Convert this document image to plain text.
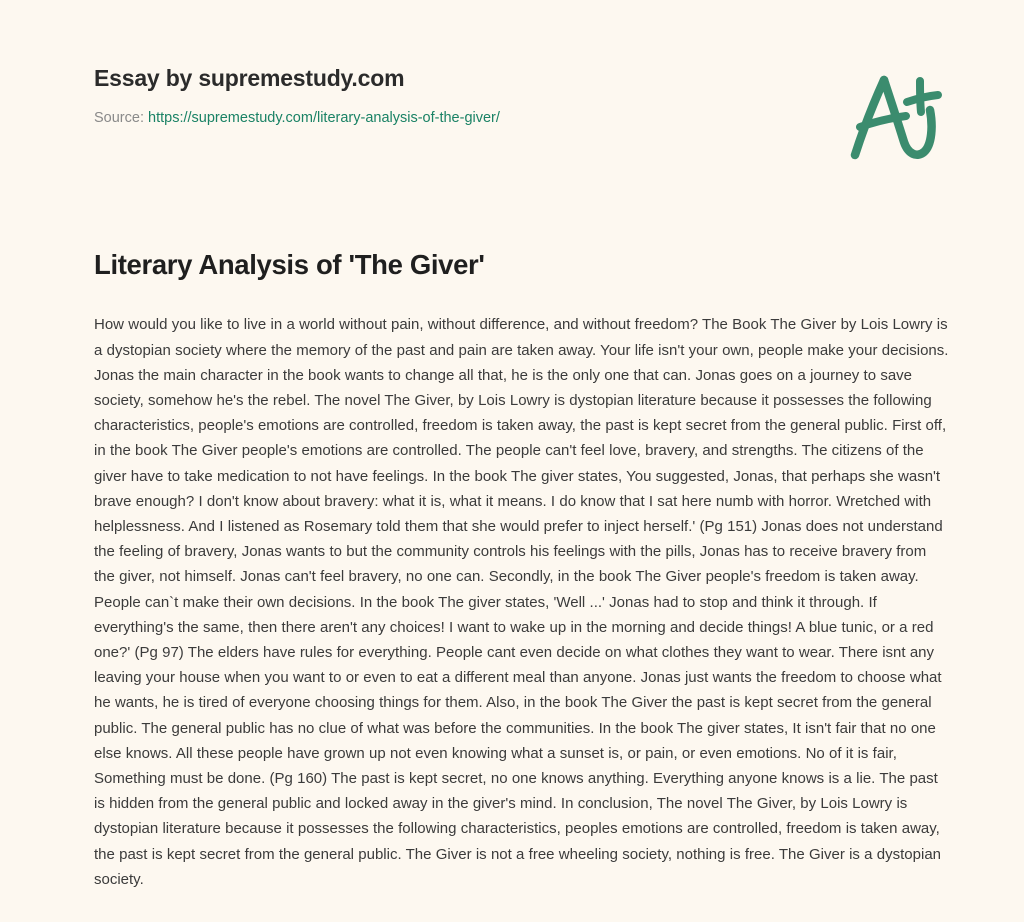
Essay by supremestudy.com
Source: https://supremestudy.com/literary-analysis-of-the-giver/
Literary Analysis of 'The Giver'

How would you like to live in a world without pain, without difference, and without freedom? The Book The Giver by Lois Lowry is a dystopian society where the memory of the past and pain are taken away. Your life isn't your own, people make your decisions. Jonas the main character in the book wants to change all that, he is the only one that can. Jonas goes on a journey to save society, somehow he's the rebel. The novel The Giver, by Lois Lowry is dystopian literature because it possesses the following characteristics, people's emotions are controlled, freedom is taken away, the past is kept secret from the general public. First off, in the book The Giver people's emotions are controlled. The people can't feel love, bravery, and strengths. The citizens of the giver have to take medication to not have feelings. In the book The giver states, You suggested, Jonas, that perhaps she wasn't brave enough? I don't know about bravery: what it is, what it means. I do know that I sat here numb with horror. Wretched with helplessness. And I listened as Rosemary told them that she would prefer to inject herself.' (Pg 151) Jonas does not understand the feeling of bravery, Jonas wants to but the community controls his feelings with the pills, Jonas has to receive bravery from the giver, not himself. Jonas can't feel bravery, no one can. Secondly, in the book The Giver people's freedom is taken away. People can`t make their own decisions. In the book The giver states, 'Well ...' Jonas had to stop and think it through. If everything's the same, then there aren't any choices! I want to wake up in the morning and decide things! A blue tunic, or a red one?' (Pg 97) The elders have rules for everything. People cant even decide on what clothes they want to wear. There isnt any leaving your house when you want to or even to eat a different meal than anyone. Jonas just wants the freedom to choose what he wants, he is tired of everyone choosing things for them. Also, in the book The Giver the past is kept secret from the general public. The general public has no clue of what was before the communities. In the book The giver states, It isn't fair that no one else knows. All these people have grown up not even knowing what a sunset is, or pain, or even emotions. No of it is fair, Something must be done. (Pg 160) The past is kept secret, no one knows anything. Everything anyone knows is a lie. The past is hidden from the general public and locked away in the giver's mind. In conclusion, The novel The Giver, by Lois Lowry is dystopian literature because it possesses the following characteristics, peoples emotions are controlled, freedom is taken away, the past is kept secret from the general public. The Giver is not a free wheeling society, nothing is free. The Giver is a dystopian society.
